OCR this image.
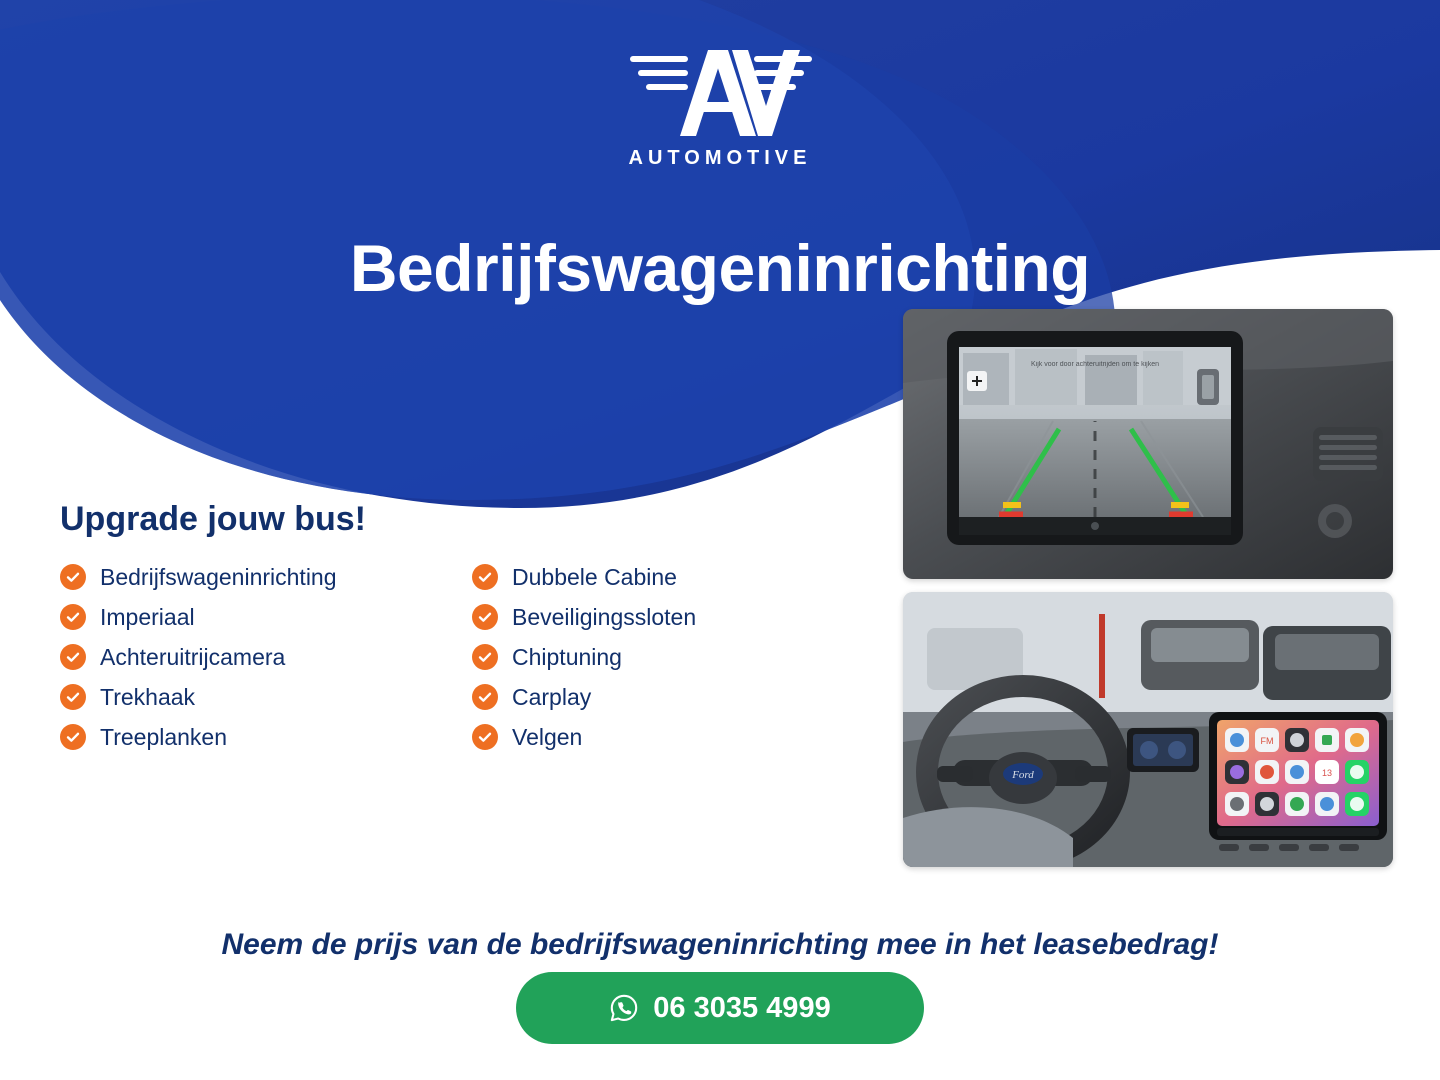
AUTOMOTIVE
Bedrijfswageninrichting
Upgrade jouw bus!
Bedrijfswageninrichting
Imperiaal
Achteruitrijcamera
Trekhaak
Treeplanken
Dubbele Cabine
Beveiligingssloten
Chiptuning
Carplay
Velgen
Kijk voor door achteruitrijden om te kijken
Ford
FM
13

Neem de prijs van de bedrijfswageninrichting mee in het leasebedrag!

06 3035 4999
